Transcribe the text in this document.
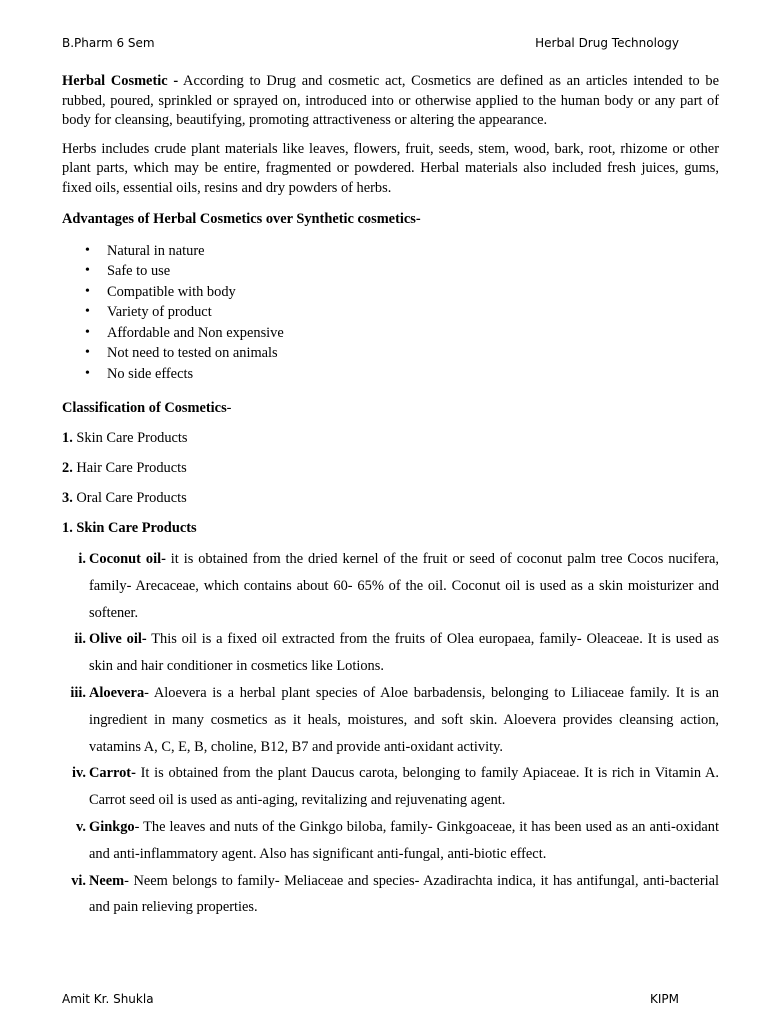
B.Pharm 6 Sem	Herbal Drug Technology

Herbal Cosmetic - According to Drug and cosmetic act, Cosmetics are defined as an articles intended to be rubbed, poured, sprinkled or sprayed on, introduced into or otherwise applied to the human body or any part of body for cleansing, beautifying, promoting attractiveness or altering the appearance.

Herbs includes crude plant materials like leaves, flowers, fruit, seeds, stem, wood, bark, root, rhizome or other plant parts, which may be entire, fragmented or powdered. Herbal materials also included fresh juices, gums, fixed oils, essential oils, resins and dry powders of herbs.

Advantages of Herbal Cosmetics over Synthetic cosmetics-

• Natural in nature
• Safe to use
• Compatible with body
• Variety of product
• Affordable and Non expensive
• Not need to tested on animals
• No side effects

Classification of Cosmetics-

1. Skin Care Products

2. Hair Care Products

3. Oral Care Products

1. Skin Care Products

i. Coconut oil- it is obtained from the dried kernel of the fruit or seed of coconut palm tree Cocos nucifera, family- Arecaceae, which contains about 60- 65% of the oil. Coconut oil is used as a skin moisturizer and softener.
ii. Olive oil- This oil is a fixed oil extracted from the fruits of Olea europaea, family- Oleaceae. It is used as skin and hair conditioner in cosmetics like Lotions.
iii. Aloevera- Aloevera is a herbal plant species of Aloe barbadensis, belonging to Liliaceae family. It is an ingredient in many cosmetics as it heals, moistures, and soft skin. Aloevera provides cleansing action, vatamins A, C, E, B, choline, B12, B7 and provide anti-oxidant activity.
iv. Carrot- It is obtained from the plant Daucus carota, belonging to family Apiaceae. It is rich in Vitamin A. Carrot seed oil is used as anti-aging, revitalizing and rejuvenating agent.
v. Ginkgo- The leaves and nuts of the Ginkgo biloba, family- Ginkgoaceae, it has been used as an anti-oxidant and anti-inflammatory agent. Also has significant anti-fungal, anti-biotic effect.
vi. Neem- Neem belongs to family- Meliaceae and species- Azadirachta indica, it has antifungal, anti-bacterial and pain relieving properties.
Amit Kr. Shukla	KIPM
